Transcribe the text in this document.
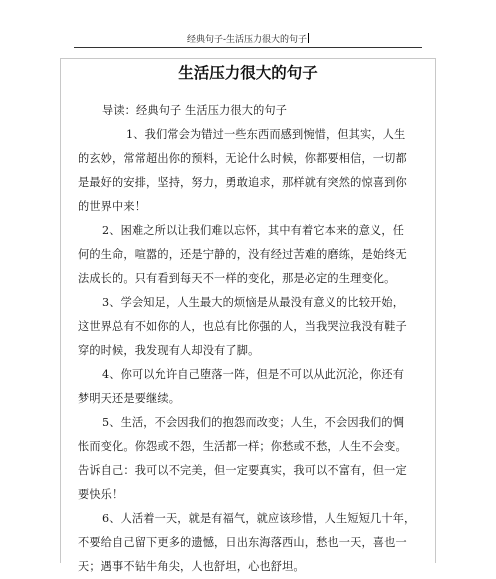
经典句子-生活压力很大的句子
生活压力很大的句子
导读：经典句子 生活压力很大的句子
1、我们常会为错过一些东西而感到惋惜，但其实，人生
的玄妙，常常超出你的预料，无论什么时候，你都要相信，一切都
是最好的安排，坚持，努力，勇敢追求，那样就有突然的惊喜到你
的世界中来！
2、困难之所以让我们难以忘怀，其中有着它本来的意义，任
何的生命，喧嚣的，还是宁静的，没有经过苦难的磨练，是始终无
法成长的。只有看到每天不一样的变化，那是必定的生理变化。
3、学会知足，人生最大的烦恼是从最没有意义的比较开始，
这世界总有不如你的人，也总有比你强的人，当我哭泣我没有鞋子
穿的时候，我发现有人却没有了脚。
4、你可以允许自己堕落一阵，但是不可以从此沉沦，你还有
梦明天还是要继续。
5、生活，不会因我们的抱怨而改变；人生，不会因我们的惆
怅而变化。你怨或不怨，生活都一样；你愁或不愁，人生不会变。
告诉自己：我可以不完美，但一定要真实，我可以不富有，但一定
要快乐！
6、人活着一天，就是有福气，就应该珍惜，人生短短几十年，
不要给自己留下更多的遗憾，日出东海落西山，愁也一天，喜也一
天；遇事不钻牛角尖，人也舒坦，心也舒坦。
